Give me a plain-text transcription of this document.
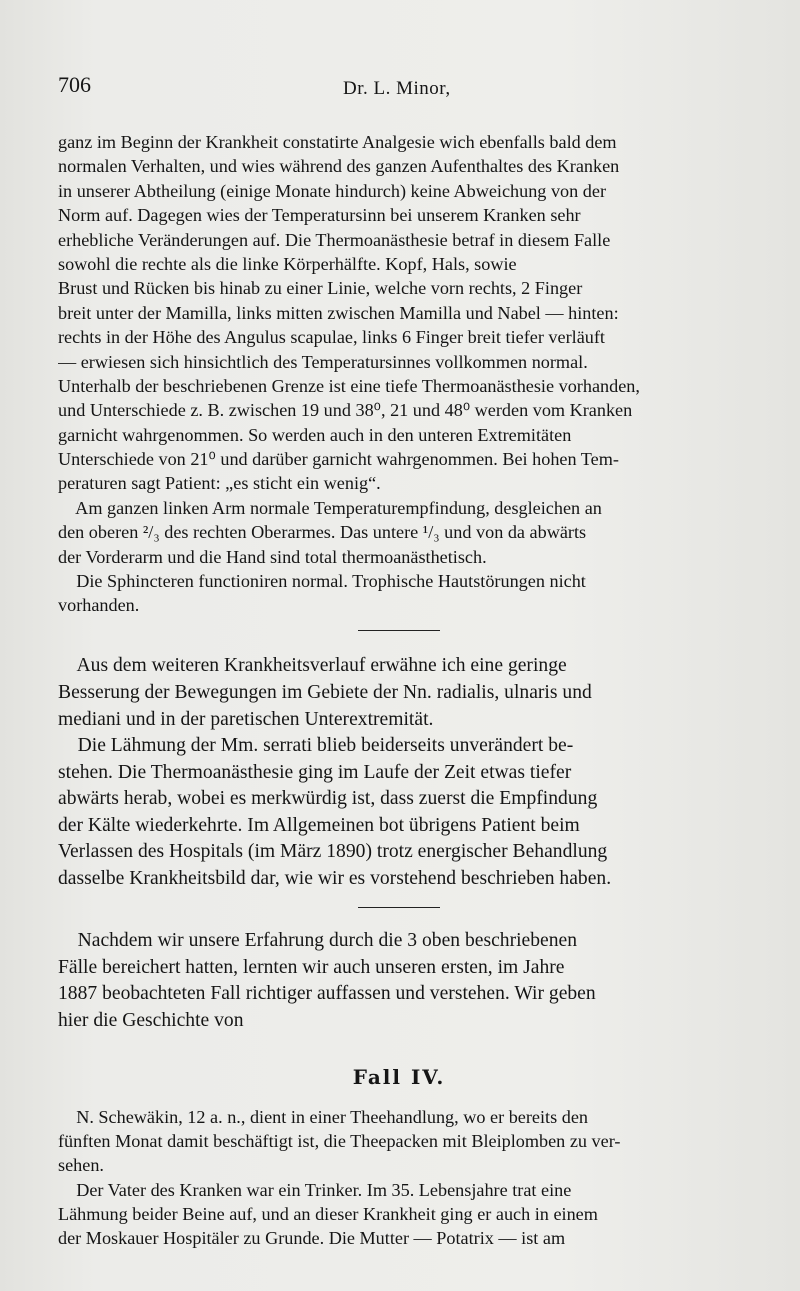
706	Dr. L. Minor,
ganz im Beginn der Krankheit constatirte Analgesie wich ebenfalls bald dem
normalen Verhalten, und wies während des ganzen Aufenthaltes des Kranken
in unserer Abtheilung (einige Monate hindurch) keine Abweichung von der
Norm auf. Dagegen wies der Temperatursinn bei unserem Kranken sehr
erhebliche Veränderungen auf. Die Thermoanästhesie betraf in diesem Falle
sowohl die rechte als die linke Körperhälfte. Kopf, Hals, sowie
Brust und Rücken bis hinab zu einer Linie, welche vorn rechts, 2 Finger
breit unter der Mamilla, links mitten zwischen Mamilla und Nabel — hinten:
rechts in der Höhe des Angulus scapulae, links 6 Finger breit tiefer verläuft
— erwiesen sich hinsichtlich des Temperatursinnes vollkommen normal.
Unterhalb der beschriebenen Grenze ist eine tiefe Thermoanästhesie vorhanden,
und Unterschiede z. B. zwischen 19 und 38⁰, 21 und 48⁰ werden vom Kranken
garnicht wahrgenommen. So werden auch in den unteren Extremitäten
Unterschiede von 21⁰ und darüber garnicht wahrgenommen. Bei hohen Tem-
peraturen sagt Patient: „es sticht ein wenig“.
Am ganzen linken Arm normale Temperaturempfindung, desgleichen an
den oberen ²/₃ des rechten Oberarmes. Das untere ¹/₃ und von da abwärts
der Vorderarm und die Hand sind total thermoanästhetisch.
Die Sphincteren functioniren normal. Trophische Hautstörungen nicht
vorhanden.
Aus dem weiteren Krankheitsverlauf erwähne ich eine geringe
Besserung der Bewegungen im Gebiete der Nn. radialis, ulnaris und
mediani und in der paretischen Unterextremität.
Die Lähmung der Mm. serrati blieb beiderseits unverändert be-
stehen. Die Thermoanästhesie ging im Laufe der Zeit etwas tiefer
abwärts herab, wobei es merkwürdig ist, dass zuerst die Empfindung
der Kälte wiederkehrte. Im Allgemeinen bot übrigens Patient beim
Verlassen des Hospitals (im März 1890) trotz energischer Behandlung
dasselbe Krankheitsbild dar, wie wir es vorstehend beschrieben haben.
Nachdem wir unsere Erfahrung durch die 3 oben beschriebenen
Fälle bereichert hatten, lernten wir auch unseren ersten, im Jahre
1887 beobachteten Fall richtiger auffassen und verstehen. Wir geben
hier die Geschichte von
Fall IV.
N. Schewäkin, 12 a. n., dient in einer Theehandlung, wo er bereits den
fünften Monat damit beschäftigt ist, die Theepacken mit Bleiplomben zu ver-
sehen.
Der Vater des Kranken war ein Trinker. Im 35. Lebensjahre trat eine
Lähmung beider Beine auf, und an dieser Krankheit ging er auch in einem
der Moskauer Hospitäler zu Grunde. Die Mutter — Potatrix — ist am
